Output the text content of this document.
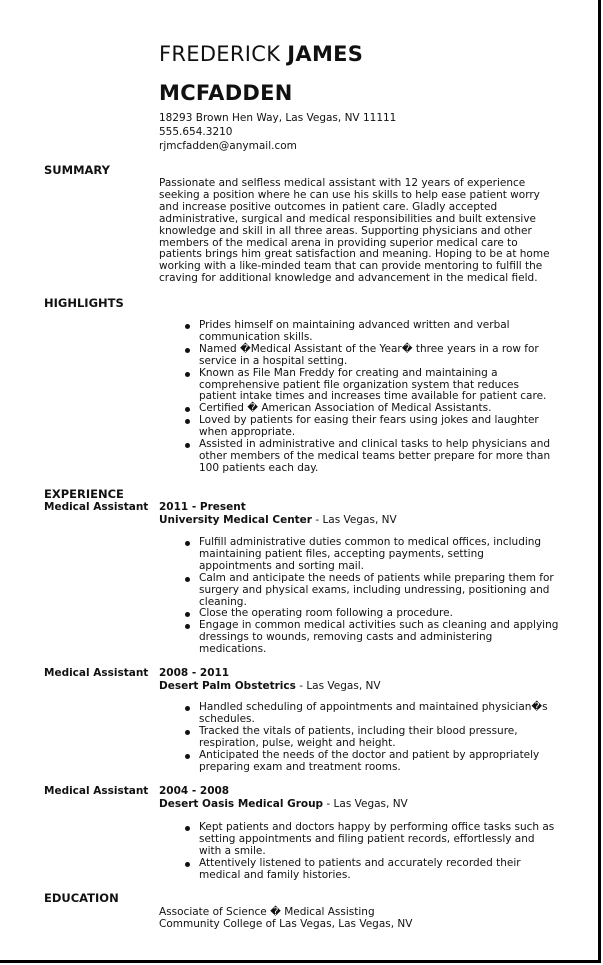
FREDERICK JAMES
MCFADDEN
18293 Brown Hen Way, Las Vegas, NV 11111
555.654.3210
rjmcfadden@anymail.com
SUMMARY
Passionate and selfless medical assistant with 12 years of experience seeking a position where he can use his skills to help ease patient worry and increase positive outcomes in patient care. Gladly accepted administrative, surgical and medical responsibilities and built extensive knowledge and skill in all three areas. Supporting physicians and other members of the medical arena in providing superior medical care to patients brings him great satisfaction and meaning. Hoping to be at home working with a like-minded team that can provide mentoring to fulfill the craving for additional knowledge and advancement in the medical field.
HIGHLIGHTS
Prides himself on maintaining advanced written and verbal communication skills.
Named �Medical Assistant of the Year� three years in a row for service in a hospital setting.
Known as File Man Freddy for creating and maintaining a comprehensive patient file organization system that reduces patient intake times and increases time available for patient care.
Certified � American Association of Medical Assistants.
Loved by patients for easing their fears using jokes and laughter when appropriate.
Assisted in administrative and clinical tasks to help physicians and other members of the medical teams better prepare for more than 100 patients each day.
EXPERIENCE
Medical Assistant 2011 - Present
University Medical Center - Las Vegas, NV
Fulfill administrative duties common to medical offices, including maintaining patient files, accepting payments, setting appointments and sorting mail.
Calm and anticipate the needs of patients while preparing them for surgery and physical exams, including undressing, positioning and cleaning.
Close the operating room following a procedure.
Engage in common medical activities such as cleaning and applying dressings to wounds, removing casts and administering medications.
Medical Assistant 2008 - 2011
Desert Palm Obstetrics - Las Vegas, NV
Handled scheduling of appointments and maintained physician�s schedules.
Tracked the vitals of patients, including their blood pressure, respiration, pulse, weight and height.
Anticipated the needs of the doctor and patient by appropriately preparing exam and treatment rooms.
Medical Assistant 2004 - 2008
Desert Oasis Medical Group - Las Vegas, NV
Kept patients and doctors happy by performing office tasks such as setting appointments and filing patient records, effortlessly and with a smile.
Attentively listened to patients and accurately recorded their medical and family histories.
EDUCATION
Associate of Science � Medical Assisting
Community College of Las Vegas, Las Vegas, NV
